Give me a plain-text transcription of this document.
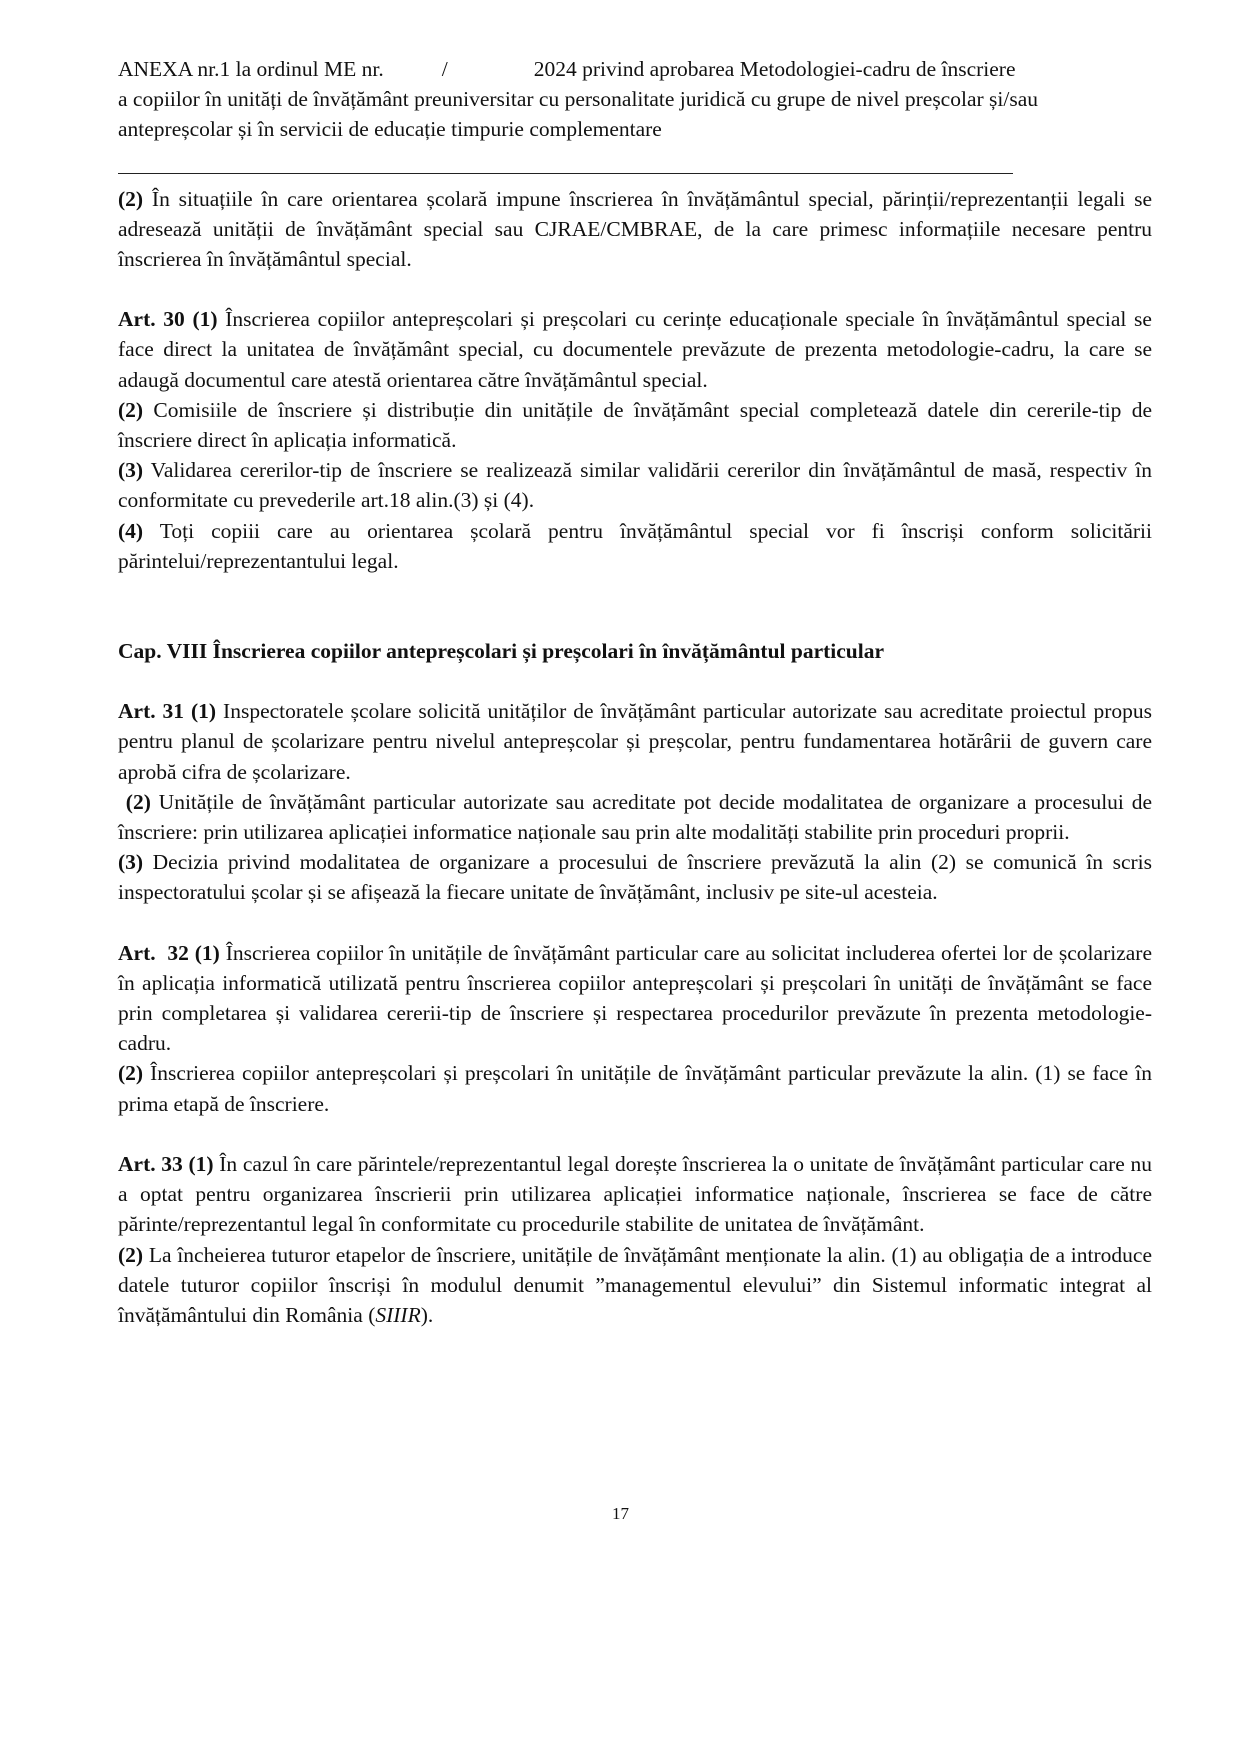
ANEXA nr.1 la ordinul ME nr.	/	2024 privind aprobarea Metodologiei-cadru de înscriere
a copiilor în unități de învățământ preuniversitar cu personalitate juridică cu grupe de nivel preșcolar și/sau antepreșcolar și în servicii de educație timpurie complementare

(2) În situațiile în care orientarea școlară impune înscrierea în învățământul special, părinții/reprezentanții legali se adresează unității de învățământ special sau CJRAE/CMBRAE, de la care primesc informațiile necesare pentru înscrierea în învățământul special.

Art. 30 (1) Înscrierea copiilor antepreșcolari și preșcolari cu cerințe educaționale speciale în învățământul special se face direct la unitatea de învățământ special, cu documentele prevăzute de prezenta metodologie-cadru, la care se adaugă documentul care atestă orientarea către învățământul special.

(2) Comisiile de înscriere și distribuție din unitățile de învățământ special completează datele din cererile-tip de înscriere direct în aplicația informatică.

(3) Validarea cererilor-tip de înscriere se realizează similar validării cererilor din învățământul de masă, respectiv în conformitate cu prevederile art.18 alin.(3) și (4).

(4) Toți copiii care au orientarea școlară pentru învățământul special vor fi înscriși conform solicitării părintelui/reprezentantului legal.

Cap. VIII Înscrierea copiilor antepreșcolari și preșcolari în învățământul particular

Art. 31 (1) Inspectoratele școlare solicită unităților de învățământ particular autorizate sau acreditate proiectul propus pentru planul de școlarizare pentru nivelul antepreșcolar și preșcolar, pentru fundamentarea hotărârii de guvern care aprobă cifra de școlarizare.

(2) Unitățile de învățământ particular autorizate sau acreditate pot decide modalitatea de organizare a procesului de înscriere: prin utilizarea aplicației informatice naționale sau prin alte modalități stabilite prin proceduri proprii.

(3) Decizia privind modalitatea de organizare a procesului de înscriere prevăzută la alin (2) se comunică în scris inspectoratului școlar și se afișează la fiecare unitate de învățământ, inclusiv pe site-ul acesteia.

Art.  32 (1) Înscrierea copiilor în unitățile de învățământ particular care au solicitat includerea ofertei lor de școlarizare în aplicația informatică utilizată pentru înscrierea copiilor antepreșcolari și preșcolari în unități de învățământ se face prin completarea și validarea cererii-tip de înscriere și respectarea procedurilor prevăzute în prezenta metodologie-cadru.

(2) Înscrierea copiilor antepreșcolari și preșcolari în unitățile de învățământ particular prevăzute la alin. (1) se face în prima etapă de înscriere.

Art. 33 (1) În cazul în care părintele/reprezentantul legal dorește înscrierea la o unitate de învățământ particular care nu a optat pentru organizarea înscrierii prin utilizarea aplicației informatice naționale, înscrierea se face de către părinte/reprezentantul legal în conformitate cu procedurile stabilite de unitatea de învățământ.

(2) La încheierea tuturor etapelor de înscriere, unitățile de învățământ menționate la alin. (1) au obligația de a introduce datele tuturor copiilor înscriși în modulul denumit ”managementul elevului” din Sistemul informatic integrat al învățământului din România (SIIIR).

17
